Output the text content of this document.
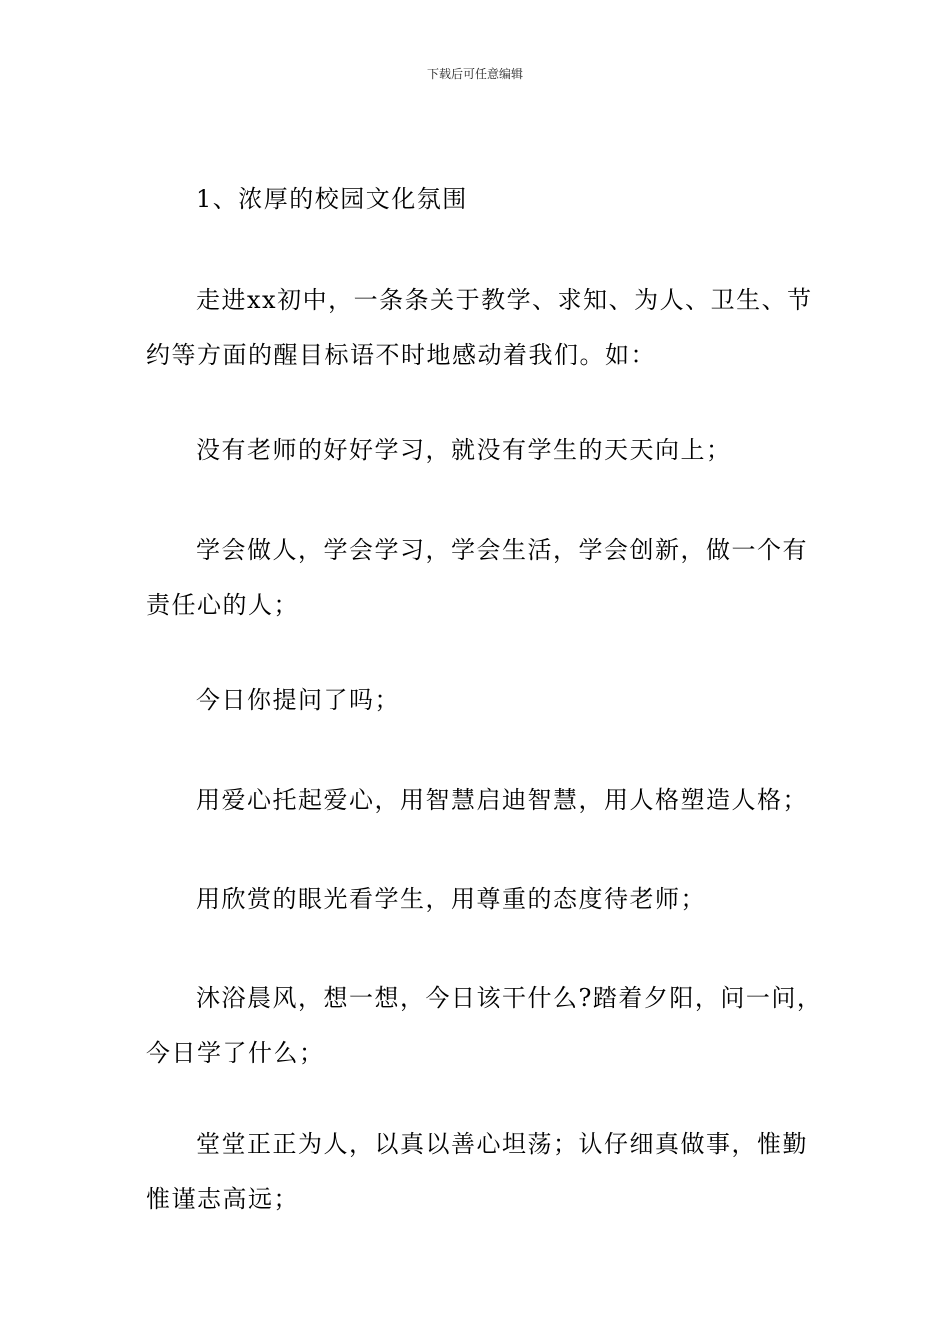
下载后可任意编辑
1、浓厚的校园文化氛围
走进xx初中，一条条关于教学、求知、为人、卫生、节约等方面的醒目标语不时地感动着我们。如：
没有老师的好好学习，就没有学生的天天向上；
学会做人，学会学习，学会生活，学会创新，做一个有责任心的人；
今日你提问了吗；
用爱心托起爱心，用智慧启迪智慧，用人格塑造人格；
用欣赏的眼光看学生，用尊重的态度待老师；
沐浴晨风，想一想，今日该干什么?踏着夕阳，问一问，今日学了什么；
堂堂正正为人，以真以善心坦荡；认仔细真做事，惟勤惟谨志高远；
